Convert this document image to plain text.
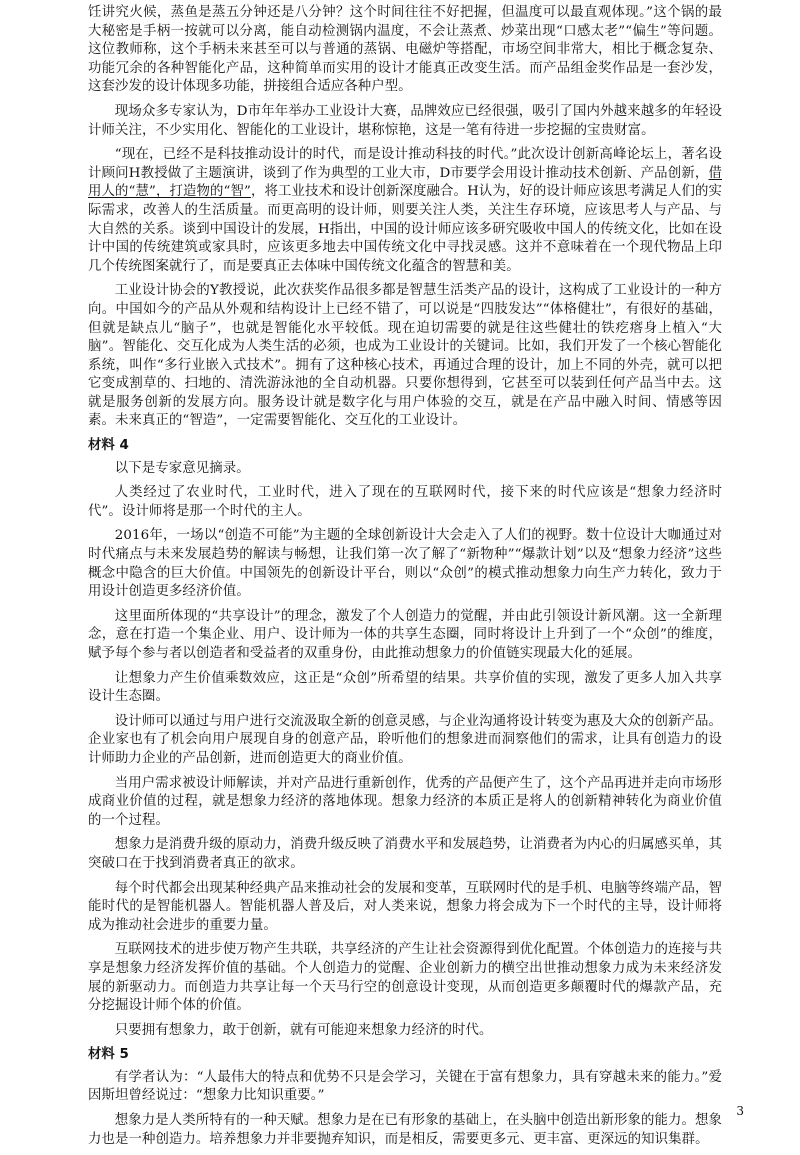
饪讲究火候，蒸鱼是蒸五分钟还是八分钟？这个时间往往不好把握，但温度可以最直观体现。”这个锅的最大秘密是手柄一按就可以分离，能自动检测锅内温度，不会让蒸煮、炒菜出现“口感太老”“偏生”等问题。这位教师称，这个手柄未来甚至可以与普通的蒸锅、电磁炉等搭配，市场空间非常大，相比于概念复杂、功能冗余的各种智能化产品，这种简单而实用的设计才能真正改变生活。而产品组金奖作品是一套沙发，这套沙发的设计体现多功能，拼接组合适应各种户型。

现场众多专家认为，D市年年举办工业设计大赛，品牌效应已经很强，吸引了国内外越来越多的年轻设计师关注，不少实用化、智能化的工业设计，堪称惊艳，这是一笔有待进一步挖掘的宝贵财富。

“现在，已经不是科技推动设计的时代，而是设计推动科技的时代。”此次设计创新高峰论坛上，著名设计顾问H教授做了主题演讲，谈到了作为典型的工业大市，D市要学会用设计推动技术创新、产品创新，借用人的“慧”，打造物的“智”，将工业技术和设计创新深度融合。H认为，好的设计师应该思考满足人们的实际需求，改善人的生活质量。而更高明的设计师，则要关注人类，关注生存环境，应该思考人与产品、与大自然的关系。谈到中国设计的发展，H指出，中国的设计师应该多研究吸收中国人的传统文化，比如在设计中国的传统建筑或家具时，应该更多地去中国传统文化中寻找灵感。这并不意味着在一个现代物品上印几个传统图案就行了，而是要真正去体味中国传统文化蕴含的智慧和美。

工业设计协会的Y教授说，此次获奖作品很多都是智慧生活类产品的设计，这构成了工业设计的一种方向。中国如今的产品从外观和结构设计上已经不错了，可以说是“四肢发达”“体格健壮”，有很好的基础，但就是缺点儿“脑子”，也就是智能化水平较低。现在迫切需要的就是往这些健壮的铁疙瘩身上植入“大脑”。智能化、交互化成为人类生活的必须，也成为工业设计的关键词。比如，我们开发了一个核心智能化系统，叫作“多行业嵌入式技术”。拥有了这种核心技术，再通过合理的设计，加上不同的外壳，就可以把它变成割草的、扫地的、清洗游泳池的全自动机器。只要你想得到，它甚至可以装到任何产品当中去。这就是服务创新的发展方向。服务设计就是数字化与用户体验的交互，就是在产品中融入时间、情感等因素。未来真正的“智造”，一定需要智能化、交互化的工业设计。

材料 4

以下是专家意见摘录。

人类经过了农业时代，工业时代，进入了现在的互联网时代，接下来的时代应该是“想象力经济时代”。设计师将是那一个时代的主人。

2016年，一场以“创造不可能”为主题的全球创新设计大会走入了人们的视野。数十位设计大咖通过对时代痛点与未来发展趋势的解读与畅想，让我们第一次了解了“新物种”“爆款计划”以及“想象力经济”这些概念中隐含的巨大价值。中国领先的创新设计平台，则以“众创”的模式推动想象力向生产力转化，致力于用设计创造更多经济价值。

这里面所体现的“共享设计”的理念，激发了个人创造力的觉醒，并由此引领设计新风潮。这一全新理念，意在打造一个集企业、用户、设计师为一体的共享生态圈，同时将设计上升到了一个“众创”的维度，赋予每个参与者以创造者和受益者的双重身份，由此推动想象力的价值链实现最大化的延展。

让想象力产生价值乘数效应，这正是“众创”所希望的结果。共享价值的实现，激发了更多人加入共享设计生态圈。

设计师可以通过与用户进行交流汲取全新的创意灵感，与企业沟通将设计转变为惠及大众的创新产品。企业家也有了机会向用户展现自身的创意产品，聆听他们的想象进而洞察他们的需求，让具有创造力的设计师助力企业的产品创新，进而创造更大的商业价值。

当用户需求被设计师解读，并对产品进行重新创作，优秀的产品便产生了，这个产品再进并走向市场形成商业价值的过程，就是想象力经济的落地体现。想象力经济的本质正是将人的创新精神转化为商业价值的一个过程。

想象力是消费升级的原动力，消费升级反映了消费水平和发展趋势，让消费者为内心的归属感买单，其突破口在于找到消费者真正的欲求。

每个时代都会出现某种经典产品来推动社会的发展和变革，互联网时代的是手机、电脑等终端产品，智能时代的是智能机器人。智能机器人普及后，对人类来说，想象力将会成为下一个时代的主导，设计师将成为推动社会进步的重要力量。

互联网技术的进步使万物产生共联，共享经济的产生让社会资源得到优化配置。个体创造力的连接与共享是想象力经济发挥价值的基础。个人创造力的觉醒、企业创新力的横空出世推动想象力成为未来经济发展的新驱动力。而创造力共享让每一个天马行空的创意设计变现，从而创造更多颠覆时代的爆款产品，充分挖掘设计师个体的价值。

只要拥有想象力，敢于创新，就有可能迎来想象力经济的时代。

材料 5

有学者认为：“人最伟大的特点和优势不只是会学习，关键在于富有想象力，具有穿越未来的能力。”爱因斯坦曾经说过：“想象力比知识重要。”

想象力是人类所特有的一种天赋。想象力是在已有形象的基础上，在头脑中创造出新形象的能力。想象力也是一种创造力。培养想象力并非要抛弃知识，而是相反，需要更多元、更丰富、更深远的知识集群。

3
